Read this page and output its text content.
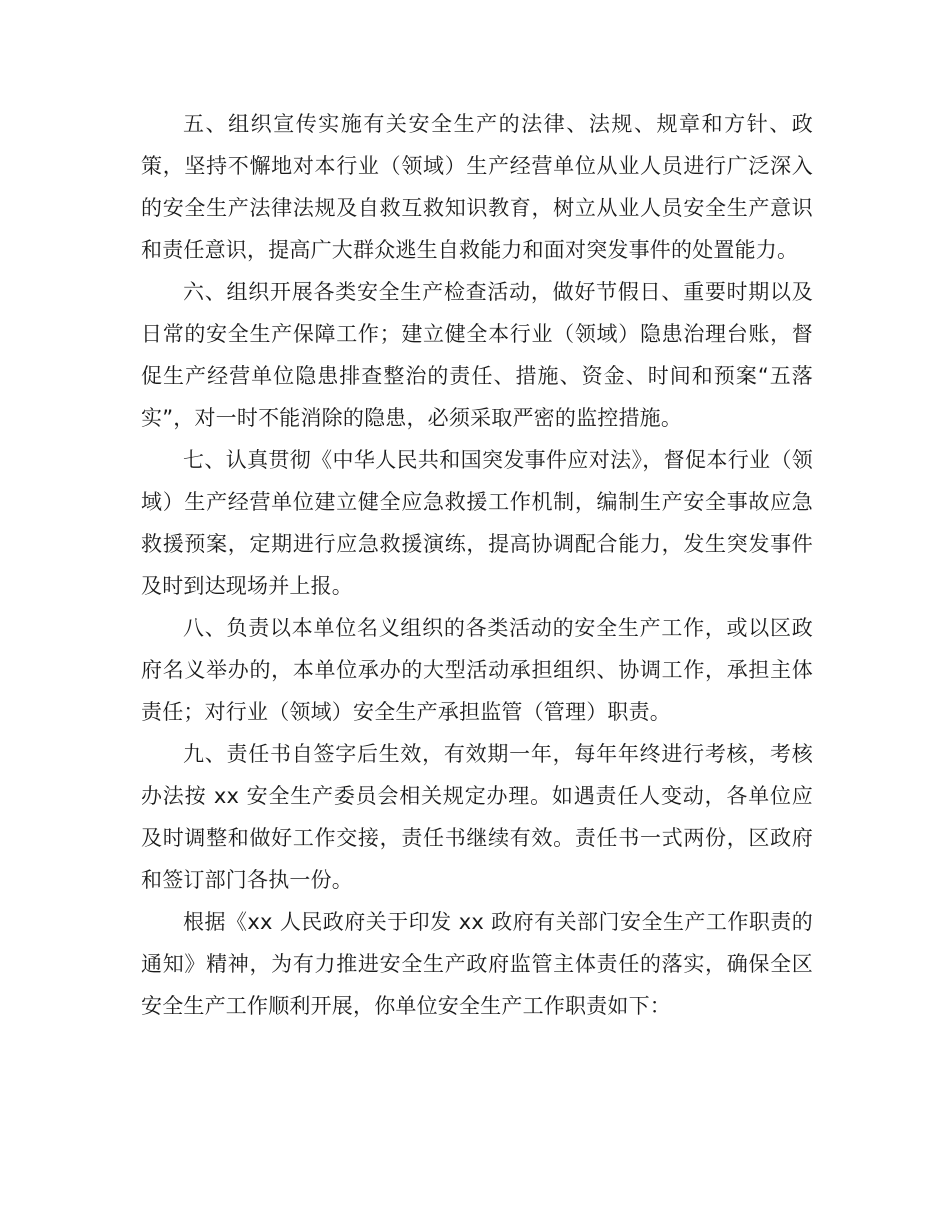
五、组织宣传实施有关安全生产的法律、法规、规章和方针、政策，坚持不懈地对本行业（领域）生产经营单位从业人员进行广泛深入的安全生产法律法规及自救互救知识教育，树立从业人员安全生产意识和责任意识，提高广大群众逃生自救能力和面对突发事件的处置能力。

六、组织开展各类安全生产检查活动，做好节假日、重要时期以及日常的安全生产保障工作；建立健全本行业（领域）隐患治理台账，督促生产经营单位隐患排查整治的责任、措施、资金、时间和预案“五落实”，对一时不能消除的隐患，必须采取严密的监控措施。

七、认真贯彻《中华人民共和国突发事件应对法》，督促本行业（领域）生产经营单位建立健全应急救援工作机制，编制生产安全事故应急救援预案，定期进行应急救援演练，提高协调配合能力，发生突发事件及时到达现场并上报。

八、负责以本单位名义组织的各类活动的安全生产工作，或以区政府名义举办的，本单位承办的大型活动承担组织、协调工作，承担主体责任；对行业（领域）安全生产承担监管（管理）职责。

九、责任书自签字后生效，有效期一年，每年年终进行考核，考核办法按 xx 安全生产委员会相关规定办理。如遇责任人变动，各单位应及时调整和做好工作交接，责任书继续有效。责任书一式两份，区政府和签订部门各执一份。

根据《xx 人民政府关于印发 xx 政府有关部门安全生产工作职责的通知》精神，为有力推进安全生产政府监管主体责任的落实，确保全区安全生产工作顺利开展，你单位安全生产工作职责如下：
